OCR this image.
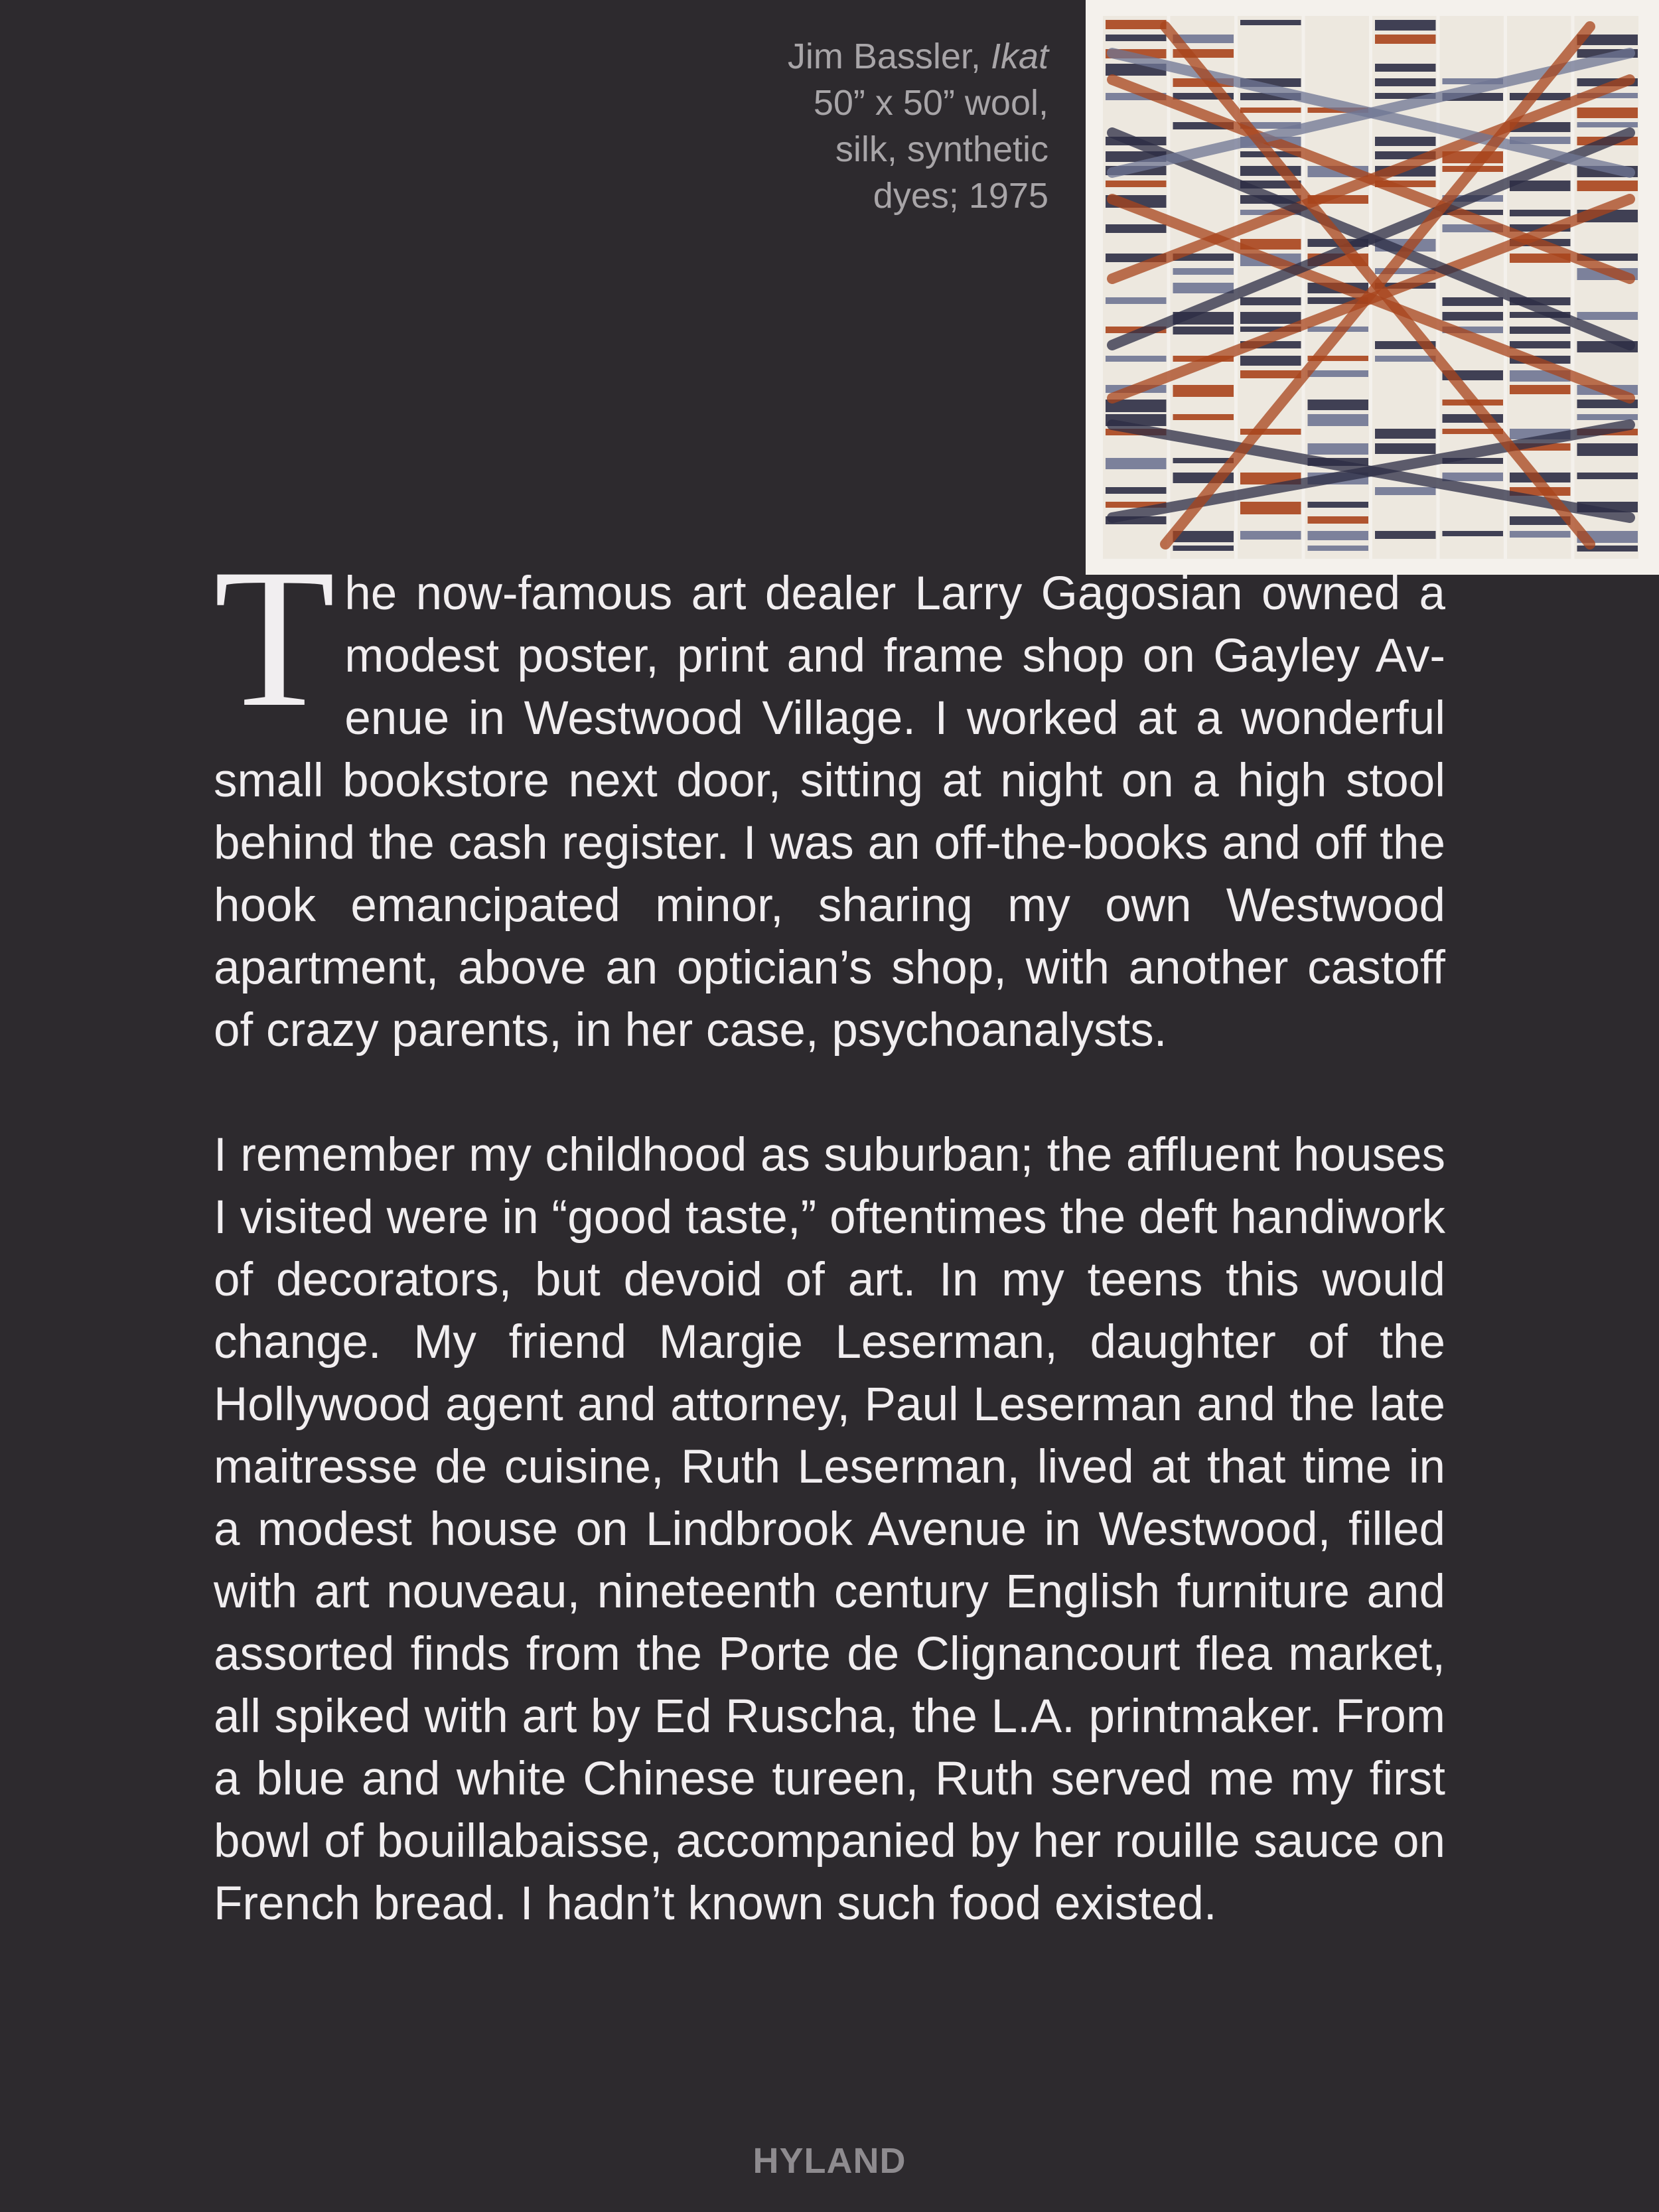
Jim Bassler, Ikat
50” x 50” wool,
silk, synthetic
dyes; 1975

The now-famous art dealer Larry Gagosian owned a modest poster, print and frame shop on Gayley Avenue in Westwood Village. I worked at a wonderful small bookstore next door, sitting at night on a high stool behind the cash register. I was an off-the-books and off the hook emancipated minor, sharing my own Westwood apartment, above an optician’s shop, with another castoff of crazy parents, in her case, psychoanalysts.

I remember my childhood as suburban; the affluent houses I visited were in “good taste,” oftentimes the deft handiwork of decorators, but devoid of art. In my teens this would change. My friend Margie Leserman, daughter of the Hollywood agent and attorney, Paul Leserman and the late maitresse de cuisine, Ruth Leserman, lived at that time in a modest house on Lindbrook Avenue in Westwood, filled with art nouveau, nineteenth century English furniture and assorted finds from the Porte de Clignancourt flea market, all spiked with art by Ed Ruscha, the L.A. printmaker. From a blue and white Chinese tureen, Ruth served me my first bowl of bouillabaisse, accompanied by her rouille sauce on French bread. I hadn’t known such food existed.

HYLAND
